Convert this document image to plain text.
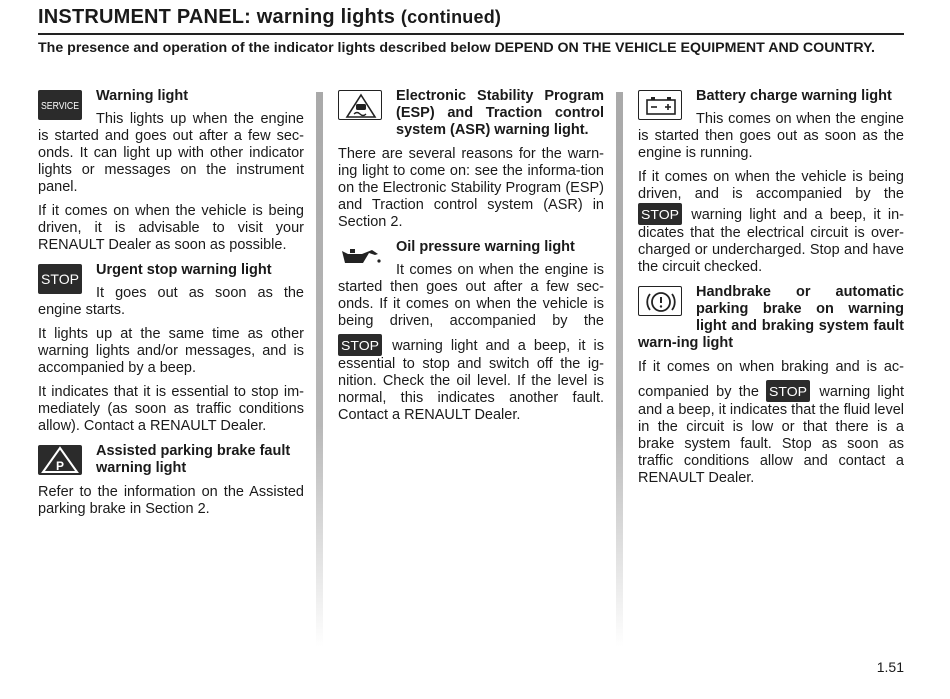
INSTRUMENT PANEL: warning lights (continued)
The presence and operation of the indicator lights described below DEPEND ON THE VEHICLE EQUIPMENT AND COUNTRY.
SERVICE
Warning light

This lights up when the engine is started and goes out after a few sec-onds. It can light up with other indicator lights or messages on the instrument panel.

If it comes on when the vehicle is being driven, it is advisable to visit your RENAULT Dealer as soon as possible.

STOP
Urgent stop warning light

It goes out as soon as the engine starts.

It lights up at the same time as other warning lights and/or messages, and is accompanied by a beep.

It indicates that it is essential to stop im-mediately (as soon as traffic conditions allow). Contact a RENAULT Dealer.

P
Assisted parking brake fault warning light

Refer to the information on the Assisted parking brake in Section 2.

Electronic Stability Program (ESP) and Traction control system (ASR) warning light.

There are several reasons for the warn-ing light to come on: see the informa-tion on the Electronic Stability Program (ESP) and Traction control system (ASR) in Section 2.

Oil pressure warning light

It comes on when the engine is started then goes out after a few sec-onds. If it comes on when the vehicle is being driven, accompanied by the
STOP warning light and a beep, it is essential to stop and switch off the ig-nition. Check the oil level. If the level is normal, this indicates another fault. Contact a RENAULT Dealer.

Battery charge warning light

This comes on when the engine is started then goes out as soon as the engine is running.

If it comes on when the vehicle is being driven, and is accompanied by the
STOP warning light and a beep, it in-dicates that the electrical circuit is over-charged or undercharged. Stop and have the circuit checked.

Handbrake or automatic parking brake on warning light and braking system fault warn-ing light

If it comes on when braking and is ac-companied by the STOP warning light and a beep, it indicates that the fluid level in the circuit is low or that there is a brake system fault. Stop as soon as traffic conditions allow and contact a RENAULT Dealer.

1.51
